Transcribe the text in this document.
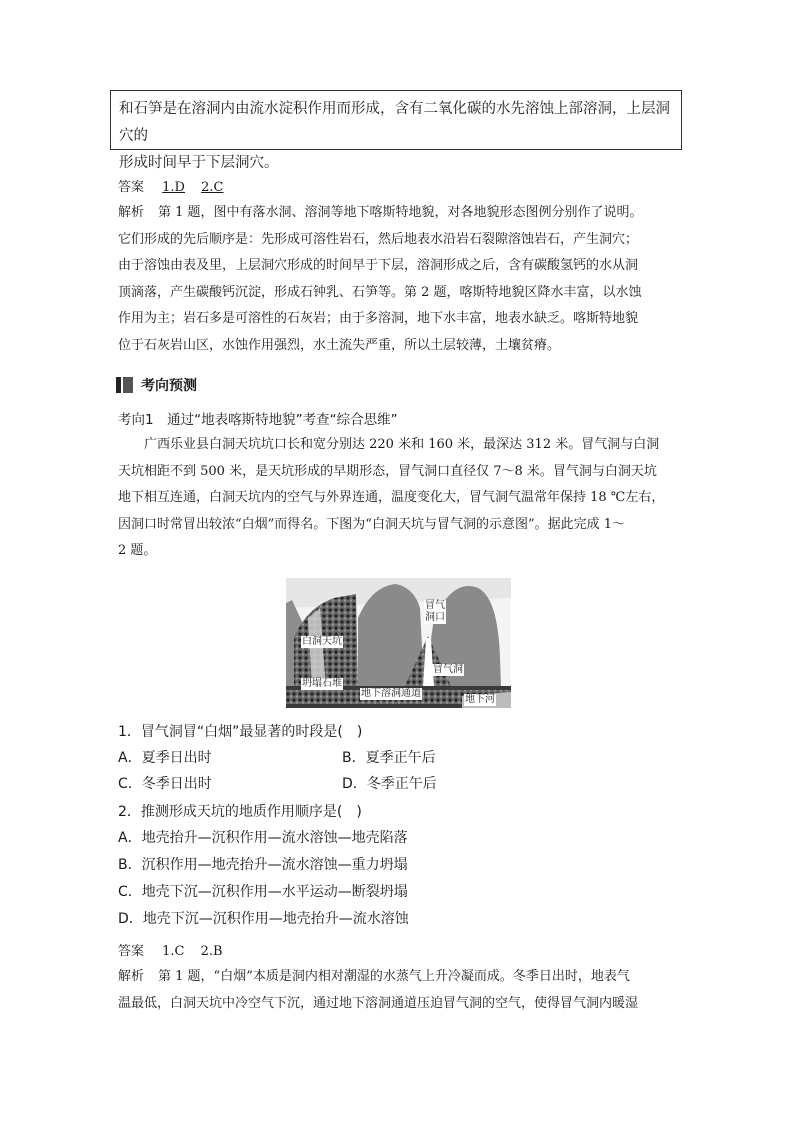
和石笋是在溶洞内由流水淀积作用而形成，含有二氧化碳的水先溶蚀上部溶洞，上层洞穴的
形成时间早于下层洞穴。
答案 1.D 2.C
解析 第 1 题，图中有落水洞、溶洞等地下喀斯特地貌，对各地貌形态图例分别作了说明。
它们形成的先后顺序是：先形成可溶性岩石，然后地表水沿岩石裂隙溶蚀岩石，产生洞穴；
由于溶蚀由表及里，上层洞穴形成的时间早于下层，溶洞形成之后，含有碳酸氢钙的水从洞
顶滴落，产生碳酸钙沉淀，形成石钟乳、石笋等。第 2 题，喀斯特地貌区降水丰富，以水蚀
作用为主；岩石多是可溶性的石灰岩；由于多溶洞，地下水丰富，地表水缺乏。喀斯特地貌
位于石灰岩山区，水蚀作用强烈，水土流失严重，所以土层较薄，土壤贫瘠。
考向预测
考向1　通过“地表喀斯特地貌”考查“综合思维”
广西乐业县白洞天坑坑口长和宽分别达 220 米和 160 米，最深达 312 米。冒气洞与白洞
天坑相距不到 500 米，是天坑形成的早期形态，冒气洞口直径仅 7～8 米。冒气洞与白洞天坑
地下相互连通，白洞天坑内的空气与外界连通，温度变化大，冒气洞气温常年保持 18 ℃左右，
因洞口时常冒出较浓“白烟”而得名。下图为“白洞天坑与冒气洞的示意图”。据此完成 1～
2 题。
冒气
洞口
白洞天坑
冒气洞
坍塌石堆
地下溶洞通道
地下河
1．冒气洞冒“白烟”最显著的时段是(　)
A．夏季日出时	B．夏季正午后
C．冬季日出时	D．冬季正午后
2．推测形成天坑的地质作用顺序是(　)
A．地壳抬升—沉积作用—流水溶蚀—地壳陷落
B．沉积作用—地壳抬升—流水溶蚀—重力坍塌
C．地壳下沉—沉积作用—水平运动—断裂坍塌
D．地壳下沉—沉积作用—地壳抬升—流水溶蚀
答案 1.C 2.B
解析 第 1 题，“白烟”本质是洞内相对潮湿的水蒸气上升冷凝而成。冬季日出时，地表气
温最低，白洞天坑中冷空气下沉，通过地下溶洞通道压迫冒气洞的空气，使得冒气洞内暖湿
